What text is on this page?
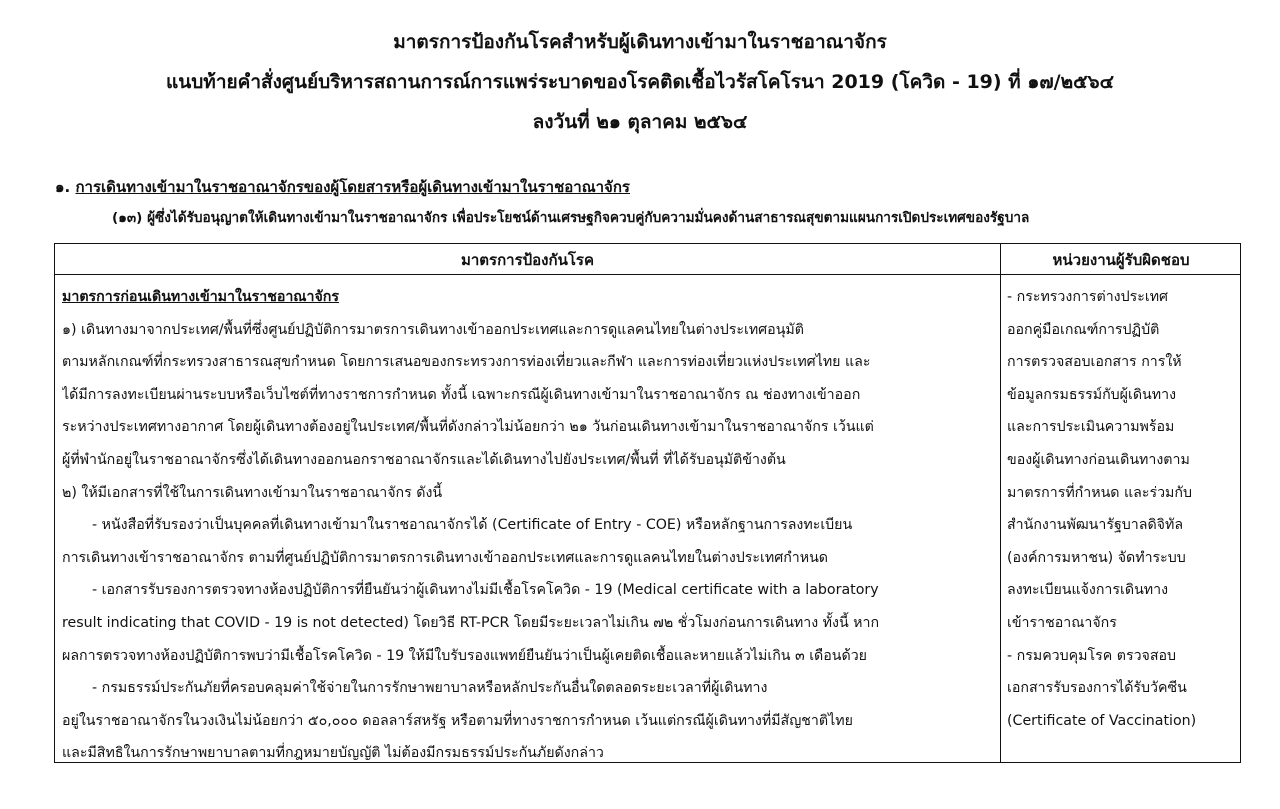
มาตรการป้องกันโรคสำหรับผู้เดินทางเข้ามาในราชอาณาจักร
แนบท้ายคำสั่งศูนย์บริหารสถานการณ์การแพร่ระบาดของโรคติดเชื้อไวรัสโคโรนา 2019 (โควิด - 19) ที่ ๑๗/๒๕๖๔
ลงวันที่ ๒๑ ตุลาคม ๒๕๖๔
๑. การเดินทางเข้ามาในราชอาณาจักรของผู้โดยสารหรือผู้เดินทางเข้ามาในราชอาณาจักร
(๑๓) ผู้ซึ่งได้รับอนุญาตให้เดินทางเข้ามาในราชอาณาจักร เพื่อประโยชน์ด้านเศรษฐกิจควบคู่กับความมั่นคงด้านสาธารณสุขตามแผนการเปิดประเทศของรัฐบาล
มาตรการป้องกันโรค	หน่วยงานผู้รับผิดชอบ
มาตรการก่อนเดินทางเข้ามาในราชอาณาจักร
๑) เดินทางมาจากประเทศ/พื้นที่ซึ่งศูนย์ปฏิบัติการมาตรการเดินทางเข้าออกประเทศและการดูแลคนไทยในต่างประเทศอนุมัติ
ตามหลักเกณฑ์ที่กระทรวงสาธารณสุขกำหนด โดยการเสนอของกระทรวงการท่องเที่ยวและกีฬา และการท่องเที่ยวแห่งประเทศไทย และ
ได้มีการลงทะเบียนผ่านระบบหรือเว็บไซต์ที่ทางราชการกำหนด ทั้งนี้ เฉพาะกรณีผู้เดินทางเข้ามาในราชอาณาจักร ณ ช่องทางเข้าออก
ระหว่างประเทศทางอากาศ โดยผู้เดินทางต้องอยู่ในประเทศ/พื้นที่ดังกล่าวไม่น้อยกว่า ๒๑ วันก่อนเดินทางเข้ามาในราชอาณาจักร เว้นแต่
ผู้ที่พำนักอยู่ในราชอาณาจักรซึ่งได้เดินทางออกนอกราชอาณาจักรและได้เดินทางไปยังประเทศ/พื้นที่ ที่ได้รับอนุมัติข้างต้น
๒) ให้มีเอกสารที่ใช้ในการเดินทางเข้ามาในราชอาณาจักร ดังนี้
- หนังสือที่รับรองว่าเป็นบุคคลที่เดินทางเข้ามาในราชอาณาจักรได้ (Certificate of Entry - COE) หรือหลักฐานการลงทะเบียน
การเดินทางเข้าราชอาณาจักร ตามที่ศูนย์ปฏิบัติการมาตรการเดินทางเข้าออกประเทศและการดูแลคนไทยในต่างประเทศกำหนด
- เอกสารรับรองการตรวจทางห้องปฏิบัติการที่ยืนยันว่าผู้เดินทางไม่มีเชื้อโรคโควิด - 19 (Medical certificate with a laboratory
result indicating that COVID - 19 is not detected) โดยวิธี RT-PCR โดยมีระยะเวลาไม่เกิน ๗๒ ชั่วโมงก่อนการเดินทาง ทั้งนี้ หาก
ผลการตรวจทางห้องปฏิบัติการพบว่ามีเชื้อโรคโควิด - 19 ให้มีใบรับรองแพทย์ยืนยันว่าเป็นผู้เคยติดเชื้อและหายแล้วไม่เกิน ๓ เดือนด้วย
- กรมธรรม์ประกันภัยที่ครอบคลุมค่าใช้จ่ายในการรักษาพยาบาลหรือหลักประกันอื่นใดตลอดระยะเวลาที่ผู้เดินทาง
อยู่ในราชอาณาจักรในวงเงินไม่น้อยกว่า ๕๐,๐๐๐ ดอลลาร์สหรัฐ หรือตามที่ทางราชการกำหนด เว้นแต่กรณีผู้เดินทางที่มีสัญชาติไทย
และมีสิทธิในการรักษาพยาบาลตามที่กฎหมายบัญญัติ ไม่ต้องมีกรมธรรม์ประกันภัยดังกล่าว
- กระทรวงการต่างประเทศ
ออกคู่มือเกณฑ์การปฏิบัติ
การตรวจสอบเอกสาร การให้
ข้อมูลกรมธรรม์กับผู้เดินทาง
และการประเมินความพร้อม
ของผู้เดินทางก่อนเดินทางตาม
มาตรการที่กำหนด และร่วมกับ
สำนักงานพัฒนารัฐบาลดิจิทัล
(องค์การมหาชน) จัดทำระบบ
ลงทะเบียนแจ้งการเดินทาง
เข้าราชอาณาจักร
- กรมควบคุมโรค ตรวจสอบ
เอกสารรับรองการได้รับวัคซีน
(Certificate of Vaccination)
